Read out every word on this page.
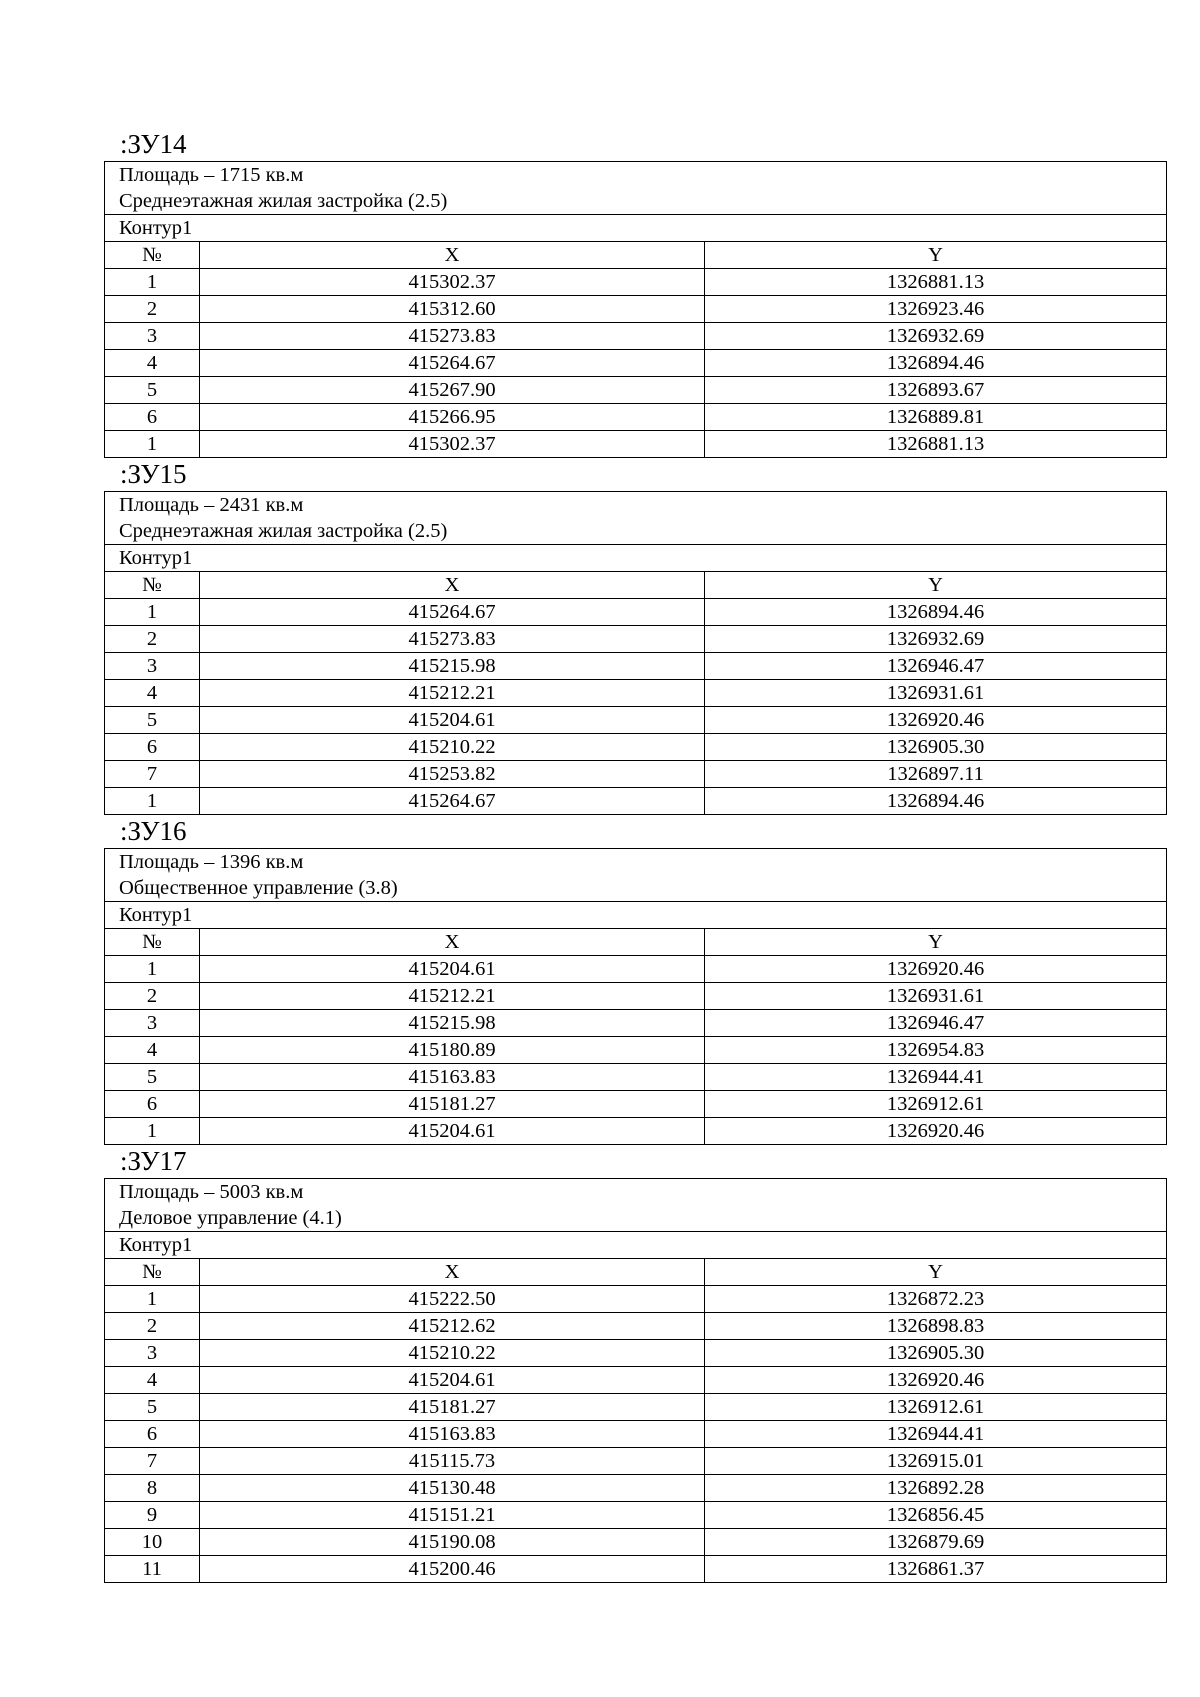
:ЗУ14
Площадь – 1715 кв.м
Среднеэтажная жилая застройка (2.5)		

Контур1		
№	X	Y
1	415302.37	1326881.13
2	415312.60	1326923.46
3	415273.83	1326932.69
4	415264.67	1326894.46
5	415267.90	1326893.67
6	415266.95	1326889.81
1	415302.37	1326881.13
:ЗУ15
Площадь – 2431 кв.м
Среднеэтажная жилая застройка (2.5)		

Контур1		
№	X	Y
1	415264.67	1326894.46
2	415273.83	1326932.69
3	415215.98	1326946.47
4	415212.21	1326931.61
5	415204.61	1326920.46
6	415210.22	1326905.30
7	415253.82	1326897.11
1	415264.67	1326894.46
:ЗУ16
Площадь – 1396 кв.м
Общественное управление (3.8)		

Контур1		
№	X	Y
1	415204.61	1326920.46
2	415212.21	1326931.61
3	415215.98	1326946.47
4	415180.89	1326954.83
5	415163.83	1326944.41
6	415181.27	1326912.61
1	415204.61	1326920.46
:ЗУ17
Площадь – 5003 кв.м
Деловое управление (4.1)		

Контур1		
№	X	Y
1	415222.50	1326872.23
2	415212.62	1326898.83
3	415210.22	1326905.30
4	415204.61	1326920.46
5	415181.27	1326912.61
6	415163.83	1326944.41
7	415115.73	1326915.01
8	415130.48	1326892.28
9	415151.21	1326856.45
10	415190.08	1326879.69
11	415200.46	1326861.37
